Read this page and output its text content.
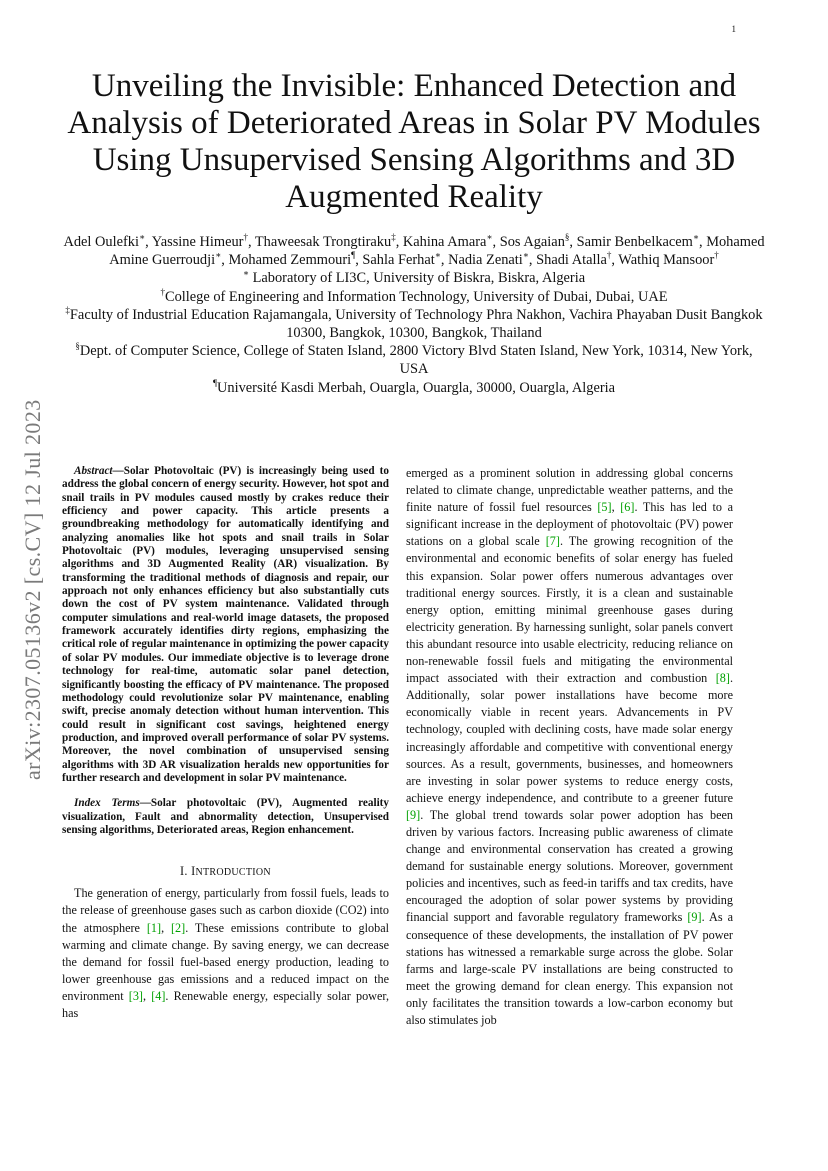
1
arXiv:2307.05136v2 [cs.CV] 12 Jul 2023
Unveiling the Invisible: Enhanced Detection and Analysis of Deteriorated Areas in Solar PV Modules Using Unsupervised Sensing Algorithms and 3D Augmented Reality
Adel Oulefki∗, Yassine Himeur†, Thaweesak Trongtiraku‡, Kahina Amara∗, Sos Agaian§, Samir Benbelkacem∗, Mohamed Amine Guerroudji∗, Mohamed Zemmouri¶, Sahla Ferhat∗, Nadia Zenati∗, Shadi Atalla†, Wathiq Mansoor†
∗ Laboratory of LI3C, University of Biskra, Biskra, Algeria
†College of Engineering and Information Technology, University of Dubai, Dubai, UAE
‡Faculty of Industrial Education Rajamangala, University of Technology Phra Nakhon, Vachira Phayaban Dusit Bangkok 10300, Bangkok, 10300, Bangkok, Thailand
§Dept. of Computer Science, College of Staten Island, 2800 Victory Blvd Staten Island, New York, 10314, New York, USA
¶Université Kasdi Merbah, Ouargla, Ouargla, 30000, Ouargla, Algeria

Abstract—Solar Photovoltaic (PV) is increasingly being used to address the global concern of energy security. However, hot spot and snail trails in PV modules caused mostly by crakes reduce their efficiency and power capacity. This article presents a groundbreaking methodology for automatically identifying and analyzing anomalies like hot spots and snail trails in Solar Photovoltaic (PV) modules, leveraging unsupervised sensing algorithms and 3D Augmented Reality (AR) visualization. By transforming the traditional methods of diagnosis and repair, our approach not only enhances efficiency but also substantially cuts down the cost of PV system maintenance. Validated through computer simulations and real-world image datasets, the proposed framework accurately identifies dirty regions, emphasizing the critical role of regular maintenance in optimizing the power capacity of solar PV modules. Our immediate objective is to leverage drone technology for real-time, automatic solar panel detection, significantly boosting the efficacy of PV maintenance. The proposed methodology could revolutionize solar PV maintenance, enabling swift, precise anomaly detection without human intervention. This could result in significant cost savings, heightened energy production, and improved overall performance of solar PV systems. Moreover, the novel combination of unsupervised sensing algorithms with 3D AR visualization heralds new opportunities for further research and development in solar PV maintenance.

Index Terms—Solar photovoltaic (PV), Augmented reality visualization, Fault and abnormality detection, Unsupervised sensing algorithms, Deteriorated areas, Region enhancement.

I. INTRODUCTION

The generation of energy, particularly from fossil fuels, leads to the release of greenhouse gases such as carbon dioxide (CO2) into the atmosphere [1], [2]. These emissions contribute to global warming and climate change. By saving energy, we can decrease the demand for fossil fuel-based energy production, leading to lower greenhouse gas emissions and a reduced impact on the environment [3], [4]. Renewable energy, especially solar power, has

emerged as a prominent solution in addressing global concerns related to climate change, unpredictable weather patterns, and the finite nature of fossil fuel resources [5], [6]. This has led to a significant increase in the deployment of photovoltaic (PV) power stations on a global scale [7]. The growing recognition of the environmental and economic benefits of solar energy has fueled this expansion. Solar power offers numerous advantages over traditional energy sources. Firstly, it is a clean and sustainable energy option, emitting minimal greenhouse gases during electricity generation. By harnessing sunlight, solar panels convert this abundant resource into usable electricity, reducing reliance on non-renewable fossil fuels and mitigating the environmental impact associated with their extraction and combustion [8]. Additionally, solar power installations have become more economically viable in recent years. Advancements in PV technology, coupled with declining costs, have made solar energy increasingly affordable and competitive with conventional energy sources. As a result, governments, businesses, and homeowners are investing in solar power systems to reduce energy costs, achieve energy independence, and contribute to a greener future [9]. The global trend towards solar power adoption has been driven by various factors. Increasing public awareness of climate change and environmental conservation has created a growing demand for sustainable energy solutions. Moreover, government policies and incentives, such as feed-in tariffs and tax credits, have encouraged the adoption of solar power systems by providing financial support and favorable regulatory frameworks [9]. As a consequence of these developments, the installation of PV power stations has witnessed a remarkable surge across the globe. Solar farms and large-scale PV installations are being constructed to meet the growing demand for clean energy. This expansion not only facilitates the transition towards a low-carbon economy but also stimulates job
